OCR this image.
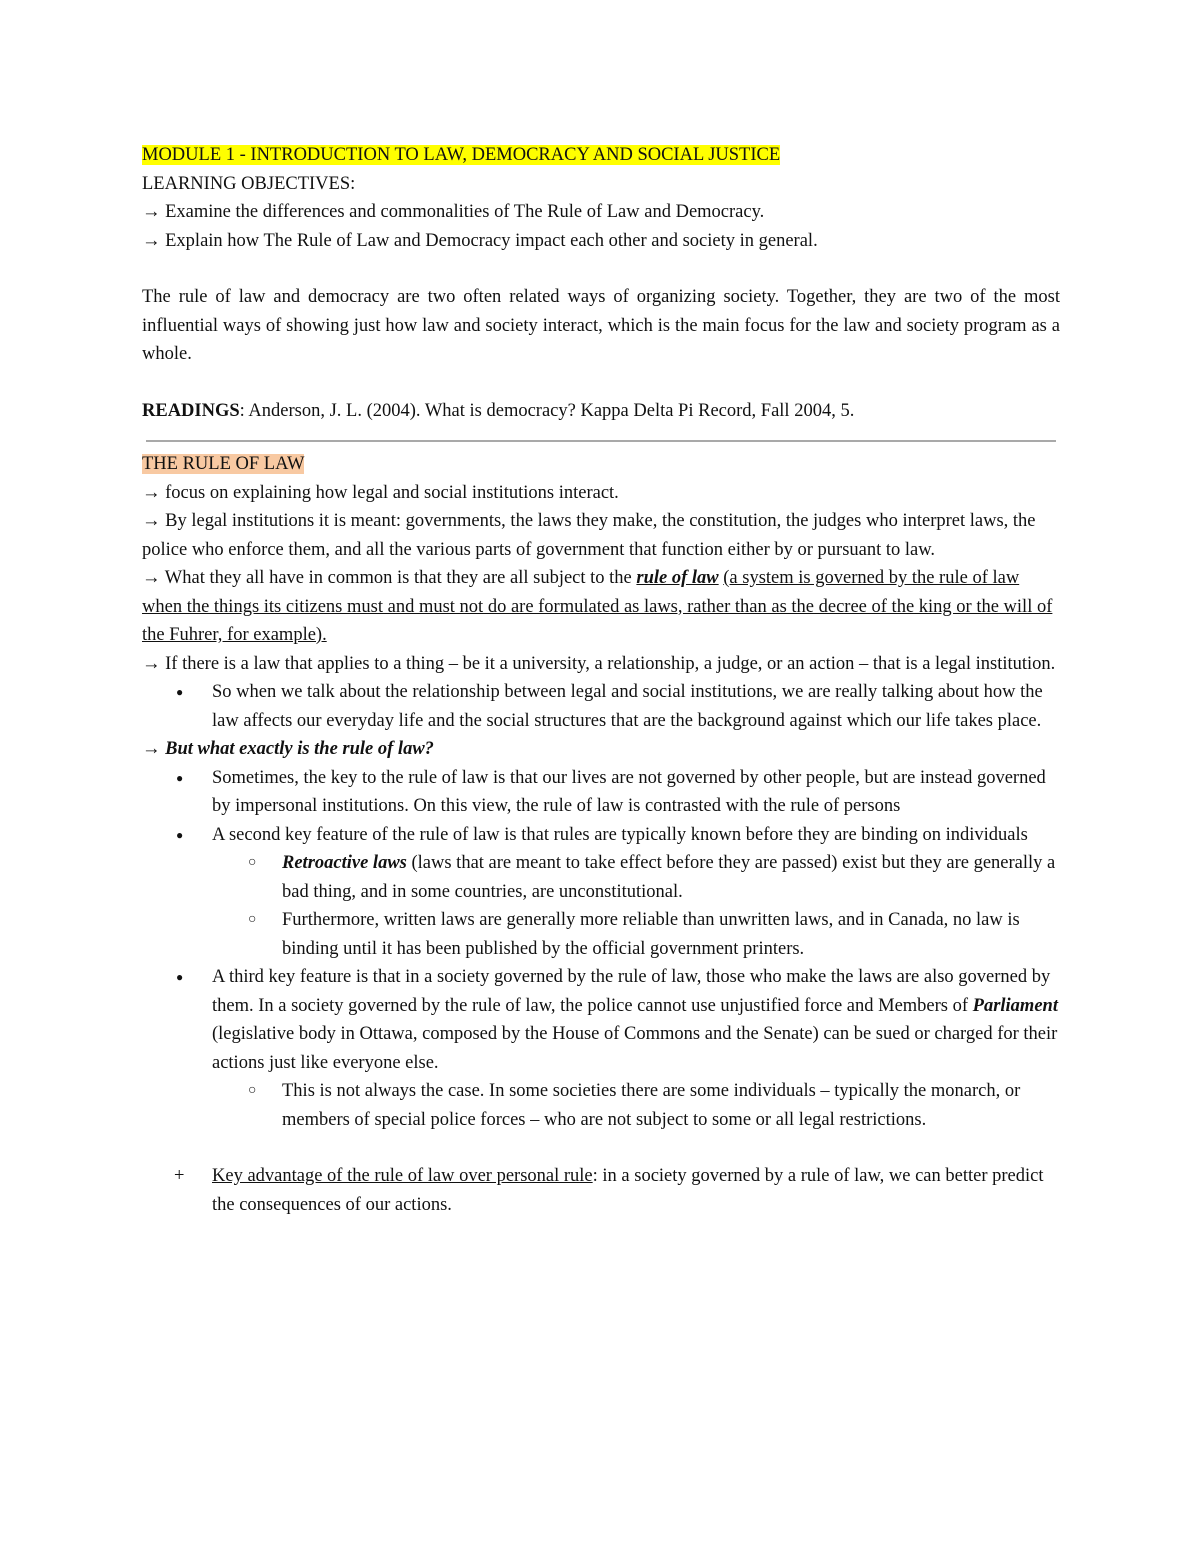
MODULE 1 - INTRODUCTION TO LAW, DEMOCRACY AND SOCIAL JUSTICE

LEARNING OBJECTIVES:

→ Examine the differences and commonalities of The Rule of Law and Democracy.

→ Explain how The Rule of Law and Democracy impact each other and society in general.

The rule of law and democracy are two often related ways of organizing society. Together, they are two of the most influential ways of showing just how law and society interact, which is the main focus for the law and society program as a whole.

READINGS: Anderson, J. L. (2004). What is democracy? Kappa Delta Pi Record, Fall 2004, 5.

THE RULE OF LAW

→ focus on explaining how legal and social institutions interact.

→ By legal institutions it is meant: governments, the laws they make, the constitution, the judges who interpret laws, the police who enforce them, and all the various parts of government that function either by or pursuant to law.

→ What they all have in common is that they are all subject to the rule of law (a system is governed by the rule of law when the things its citizens must and must not do are formulated as laws, rather than as the decree of the king or the will of the Fuhrer, for example).

→ If there is a law that applies to a thing – be it a university, a relationship, a judge, or an action – that is a legal institution.

● So when we talk about the relationship between legal and social institutions, we are really talking about how the law affects our everyday life and the social structures that are the background against which our life takes place.

→ But what exactly is the rule of law?

● Sometimes, the key to the rule of law is that our lives are not governed by other people, but are instead governed by impersonal institutions. On this view, the rule of law is contrasted with the rule of persons
● A second key feature of the rule of law is that rules are typically known before they are binding on individuals
○ Retroactive laws (laws that are meant to take effect before they are passed) exist but they are generally a bad thing, and in some countries, are unconstitutional.
○ Furthermore, written laws are generally more reliable than unwritten laws, and in Canada, no law is binding until it has been published by the official government printers.
● A third key feature is that in a society governed by the rule of law, those who make the laws are also governed by them. In a society governed by the rule of law, the police cannot use unjustified force and Members of Parliament (legislative body in Ottawa, composed by the House of Commons and the Senate) can be sued or charged for their actions just like everyone else.
○ This is not always the case. In some societies there are some individuals – typically the monarch, or members of special police forces – who are not subject to some or all legal restrictions.
+ Key advantage of the rule of law over personal rule: in a society governed by a rule of law, we can better predict the consequences of our actions.
